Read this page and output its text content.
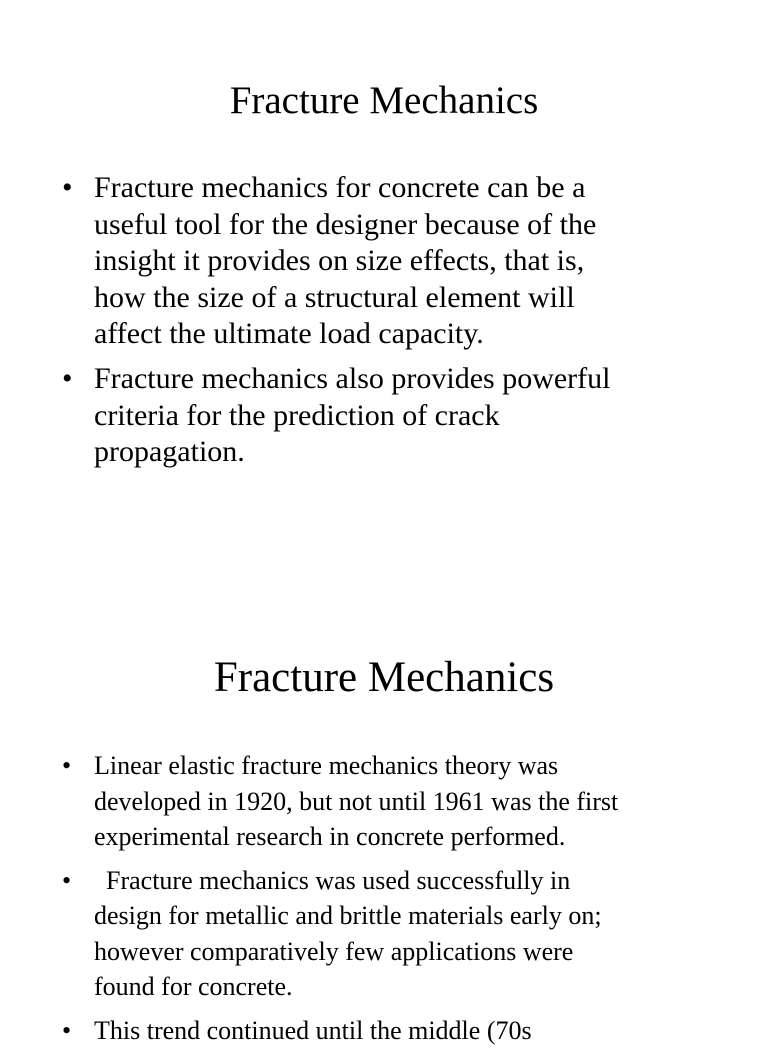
Fracture Mechanics
• Fracture mechanics for concrete can be a
useful tool for the designer because of the
insight it provides on size effects, that is,
how the size of a structural element will
affect the ultimate load capacity.
• Fracture mechanics also provides powerful
criteria for the prediction of crack
propagation.
Fracture Mechanics
• Linear elastic fracture mechanics theory was
developed in 1920, but not until 1961 was the first
experimental research in concrete performed.
•	Fracture mechanics was used successfully in
design for metallic and brittle materials early on;
however comparatively few applications were
found for concrete.
• This trend continued until the middle (70s
